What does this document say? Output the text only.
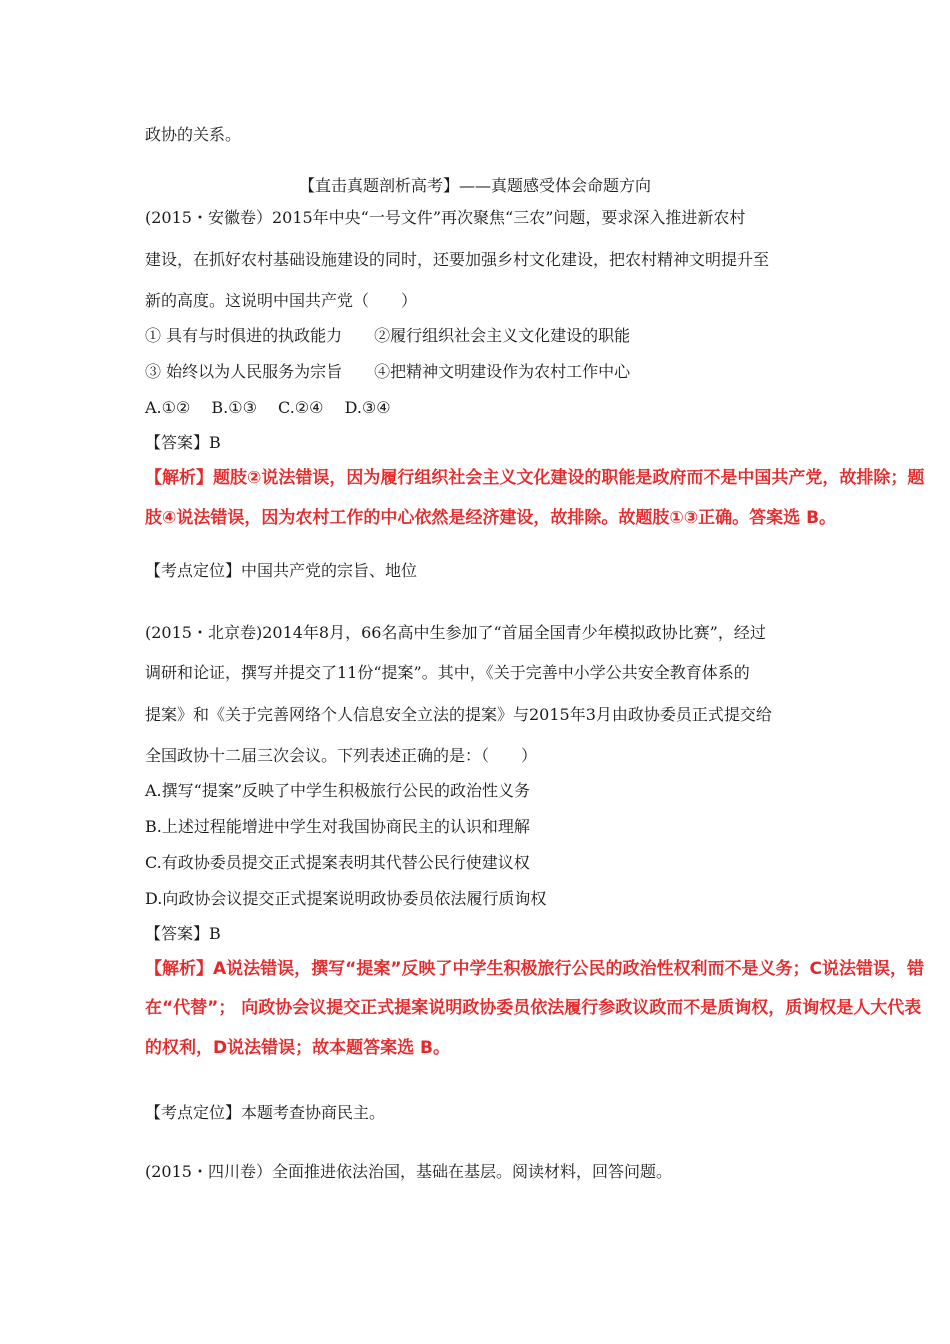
政协的关系。
【直击真题剖析高考】——真题感受体会命题方向
(2015・安徽卷）2015年中央“一号文件”再次聚焦“三农”问题，要求深入推进新农村
建设，在抓好农村基础设施建设的同时，还要加强乡村文化建设，把农村精神文明提升至
新的高度。这说明中国共产党（　　）
① 具有与时俱进的执政能力　　②履行组织社会主义文化建设的职能
③ 始终以为人民服务为宗旨　　④把精神文明建设作为农村工作中心
A.①②　 B.①③　 C.②④　 D.③④
【答案】B
【解析】题肢②说法错误，因为履行组织社会主义文化建设的职能是政府而不是中国共产党，故排除；题
肢④说法错误，因为农村工作的中心依然是经济建设，故排除。故题肢①③正确。答案选 B。
【考点定位】中国共产党的宗旨、地位
(2015・北京卷)2014年8月，66名高中生参加了“首届全国青少年模拟政协比赛”，经过
调研和论证，撰写并提交了11份“提案”。其中，《关于完善中小学公共安全教育体系的
提案》和《关于完善网络个人信息安全立法的提案》与2015年3月由政协委员正式提交给
全国政协十二届三次会议。下列表述正确的是：（　　）
A.撰写“提案”反映了中学生积极旅行公民的政治性义务
B.上述过程能增进中学生对我国协商民主的认识和理解
C.有政协委员提交正式提案表明其代替公民行使建议权
D.向政协会议提交正式提案说明政协委员依法履行质询权
【答案】B
【解析】A说法错误，撰写“提案”反映了中学生积极旅行公民的政治性权利而不是义务；C说法错误，错
在“代替”； 向政协会议提交正式提案说明政协委员依法履行参政议政而不是质询权，质询权是人大代表
的权利，D说法错误；故本题答案选 B。
【考点定位】本题考查协商民主。
(2015・四川卷）全面推进依法治国，基础在基层。阅读材料，回答问题。
